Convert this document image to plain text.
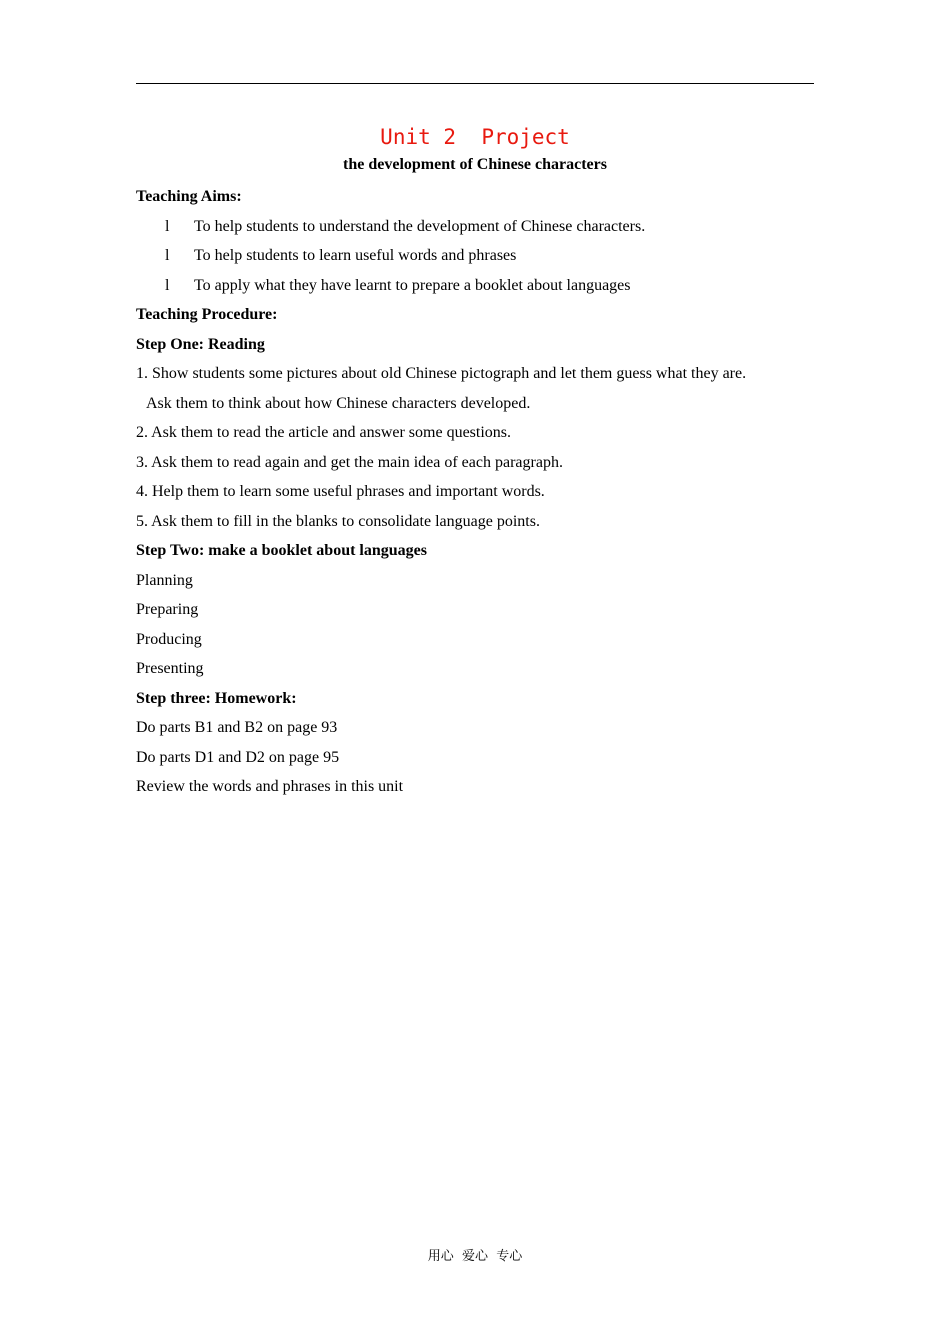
Unit 2  Project
the development of Chinese characters
Teaching Aims:
l To help students to understand the development of Chinese characters.
l To help students to learn useful words and phrases
l To apply what they have learnt to prepare a booklet about languages
Teaching Procedure:
Step One: Reading
1. Show students some pictures about old Chinese pictograph and let them guess what they are.
Ask them to think about how Chinese characters developed.
2. Ask them to read the article and answer some questions.
3. Ask them to read again and get the main idea of each paragraph.
4. Help them to learn some useful phrases and important words.
5. Ask them to fill in the blanks to consolidate language points.
Step Two: make a booklet about languages
Planning
Preparing
Producing
Presenting
Step three: Homework:
Do parts B1 and B2 on page 93
Do parts D1 and D2 on page 95
Review the words and phrases in this unit
用心  爱心  专心
